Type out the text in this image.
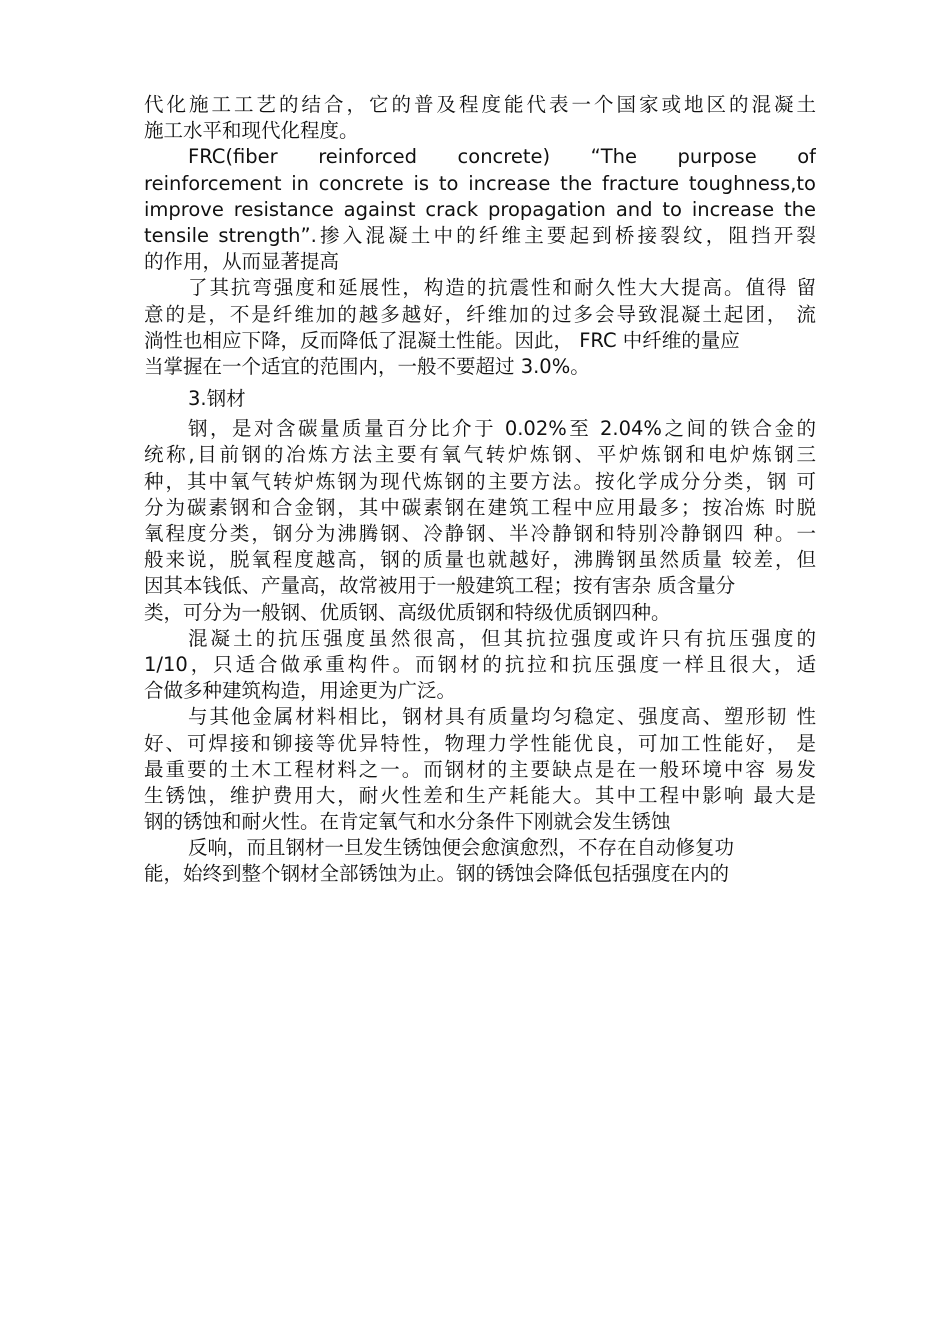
代化施工工艺的结合，它的普及程度能代表一个国家或地区的混凝土
施工水平和现代化程度。
FRC(fiber reinforced concrete) “The purpose of
reinforcement in concrete is to increase the fracture toughness,to
improve resistance against crack propagation and to increase the
tensile strength”.掺入混凝土中的纤维主要起到桥接裂纹，阻挡开裂
的作用，从而显著提高
了其抗弯强度和延展性，构造的抗震性和耐久性大大提高。值得 留
意的是，不是纤维加的越多越好，纤维加的过多会导致混凝土起团， 流
淌性也相应下降，反而降低了混凝土性能。因此， FRC 中纤维的量应
当掌握在一个适宜的范围内，一般不要超过 3.0%。
3.钢材
钢，是对含碳量质量百分比介于 0.02%至 2.04%之间的铁合金的
统称,目前钢的冶炼方法主要有氧气转炉炼钢、平炉炼钢和电炉炼钢三
种，其中氧气转炉炼钢为现代炼钢的主要方法。按化学成分分类，钢 可
分为碳素钢和合金钢，其中碳素钢在建筑工程中应用最多；按冶炼 时脱
氧程度分类，钢分为沸腾钢、冷静钢、半冷静钢和特别冷静钢四 种。一
般来说，脱氧程度越高，钢的质量也就越好，沸腾钢虽然质量 较差，但
因其本钱低、产量高，故常被用于一般建筑工程；按有害杂 质含量分
类，可分为一般钢、优质钢、高级优质钢和特级优质钢四种。
混凝土的抗压强度虽然很高，但其抗拉强度或许只有抗压强度的
1/10，只适合做承重构件。而钢材的抗拉和抗压强度一样且很大，适
合做多种建筑构造，用途更为广泛。
与其他金属材料相比，钢材具有质量均匀稳定、强度高、塑形韧 性
好、可焊接和铆接等优异特性，物理力学性能优良，可加工性能好， 是
最重要的土木工程材料之一。而钢材的主要缺点是在一般环境中容 易发
生锈蚀，维护费用大，耐火性差和生产耗能大。其中工程中影响 最大是
钢的锈蚀和耐火性。在肯定氧气和水分条件下刚就会发生锈蚀
反响，而且钢材一旦发生锈蚀便会愈演愈烈，不存在自动修复功
能，始终到整个钢材全部锈蚀为止。钢的锈蚀会降低包括强度在内的
